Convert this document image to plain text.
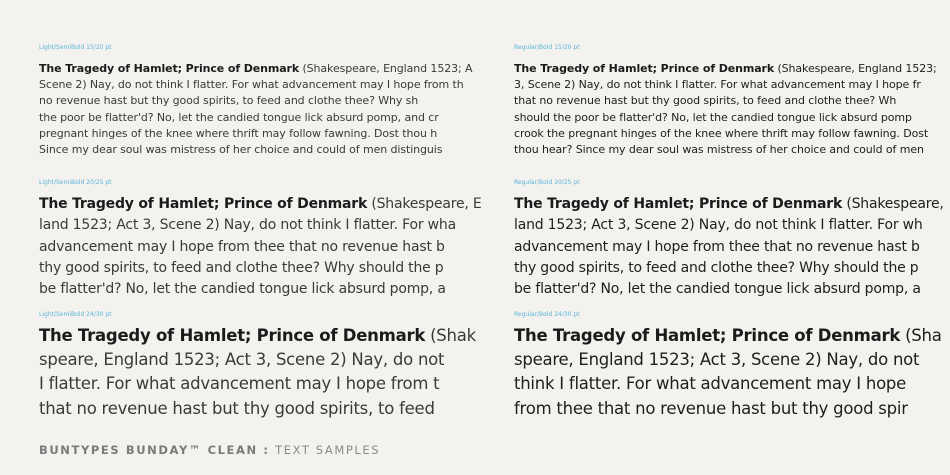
Light/SemiBold 15/20 pt
The Tragedy of Hamlet; Prince of Denmark (Shakespeare, England 1523; A
Scene 2) Nay, do not think I flatter. For what advancement may I hope from th
no revenue hast but thy good spirits, to feed and clothe thee? Why sh
the poor be flatter'd? No, let the candied tongue lick absurd pomp, and cr
pregnant hinges of the knee where thrift may follow fawning. Dost thou h
Since my dear soul was mistress of her choice and could of men distinguis
Light/SemiBold 20/25 pt
The Tragedy of Hamlet; Prince of Denmark (Shakespeare, E
land 1523; Act 3, Scene 2) Nay, do not think I flatter. For wha
advancement may I hope from thee that no revenue hast b
thy good spirits, to feed and clothe thee? Why should the p
be flatter'd? No, let the candied tongue lick absurd pomp, a
Light/SemiBold 24/30 pt
The Tragedy of Hamlet; Prince of Denmark (Shak
speare, England 1523; Act 3, Scene 2) Nay, do not
I flatter. For what advancement may I hope from t
that no revenue hast but thy good spirits, to feed
Regular/Bold 15/20 pt
The Tragedy of Hamlet; Prince of Denmark (Shakespeare, England 1523;
3, Scene 2) Nay, do not think I flatter. For what advancement may I hope fr
that no revenue hast but thy good spirits, to feed and clothe thee? Wh
should the poor be flatter'd? No, let the candied tongue lick absurd pomp
crook the pregnant hinges of the knee where thrift may follow fawning. Dost
thou hear? Since my dear soul was mistress of her choice and could of men
Regular/Bold 20/25 pt
The Tragedy of Hamlet; Prince of Denmark (Shakespeare,
land 1523; Act 3, Scene 2) Nay, do not think I flatter. For wh
advancement may I hope from thee that no revenue hast b
thy good spirits, to feed and clothe thee? Why should the p
be flatter'd? No, let the candied tongue lick absurd pomp, a
Regular/Bold 24/30 pt
The Tragedy of Hamlet; Prince of Denmark (Sha
speare, England 1523; Act 3, Scene 2) Nay, do not
think I flatter. For what advancement may I hope
from thee that no revenue hast but thy good spir
BUNTYPES BUNDAY™ CLEAN : TEXT SAMPLES
